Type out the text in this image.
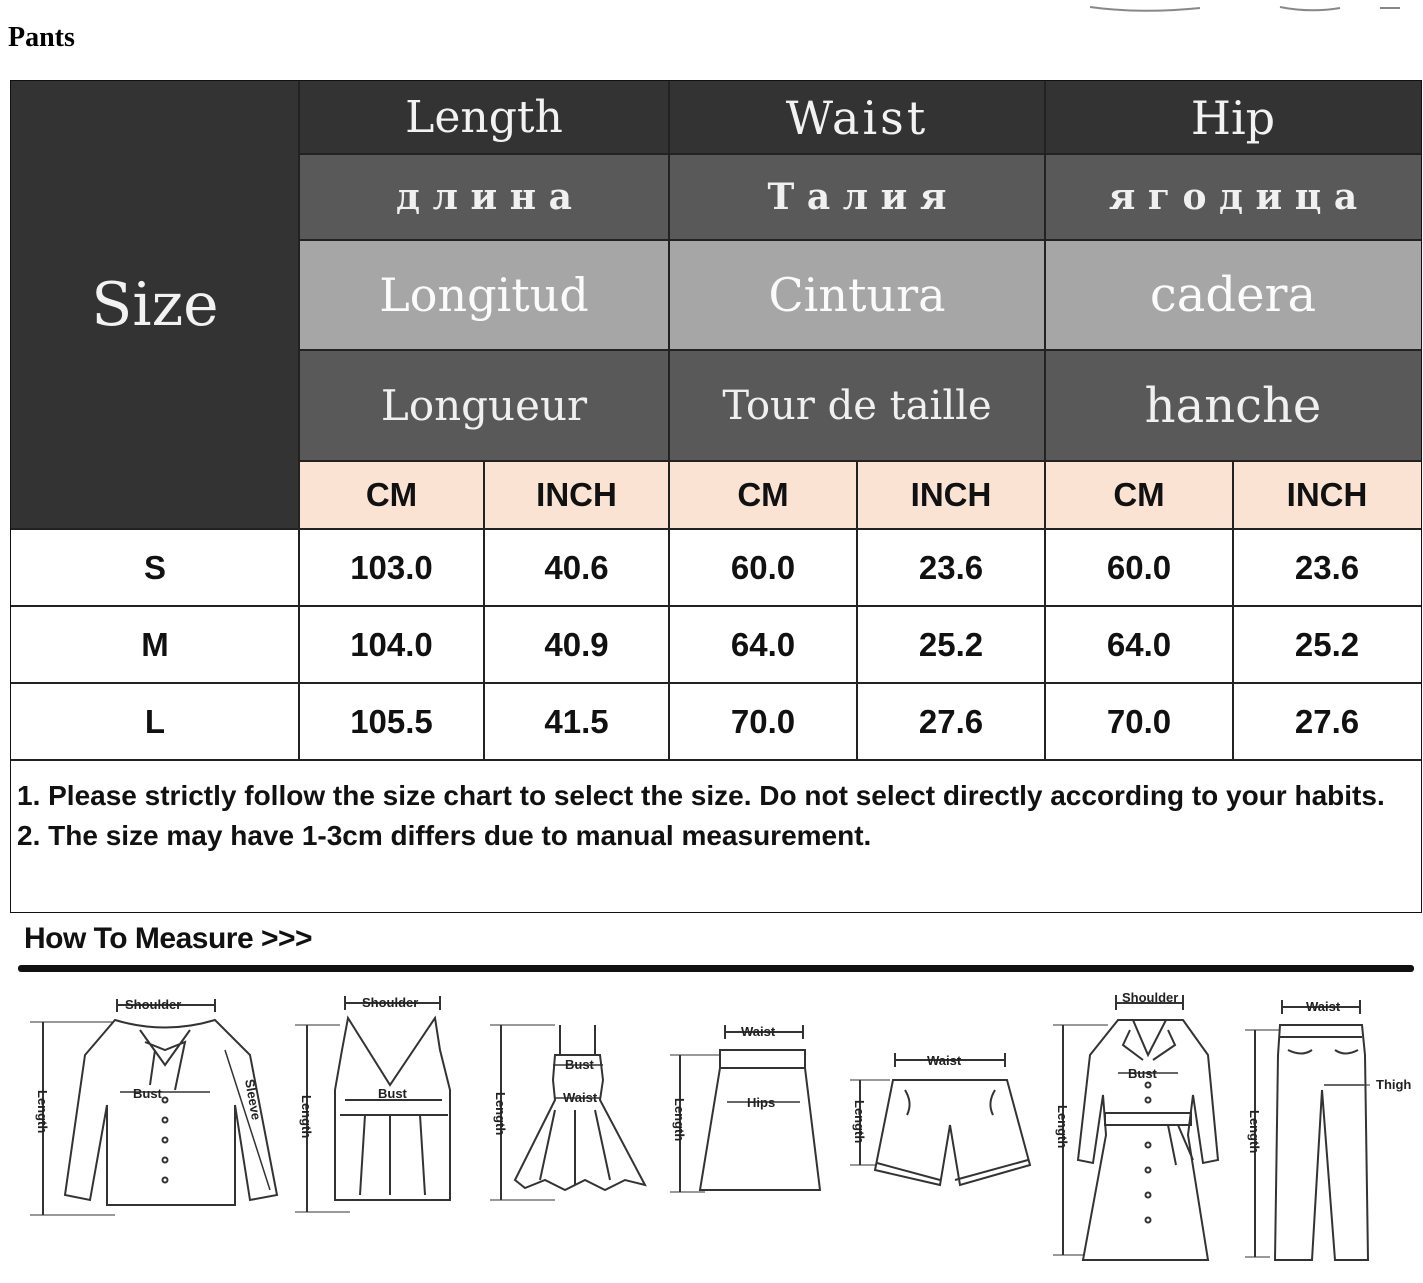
Pants
Size
Length	Waist	Hip
д л и н а	Т а л и я	я г о д и ц а
Longitud	Cintura	cadera
Longueur	Tour de taille	hanche
CM	INCH	CM	INCH	CM	INCH
S	103.0	40.6	60.0	23.6	60.0	23.6
M	104.0	40.9	64.0	25.2	64.0	25.2
L	105.5	41.5	70.0	27.6	70.0	27.6
1. Please strictly follow the size chart to select the size. Do not select directly according to your habits.
2. The size may have 1-3cm differs due to manual measurement.
How To Measure >>>
Shoulder
Bust	Sleeve
Length
Shoulder
Bust
Length
Bust
Waist
Length
Waist
Hips
Length
Waist
Length
Shoulder
Bust
Length
Waist
Thigh
Length
